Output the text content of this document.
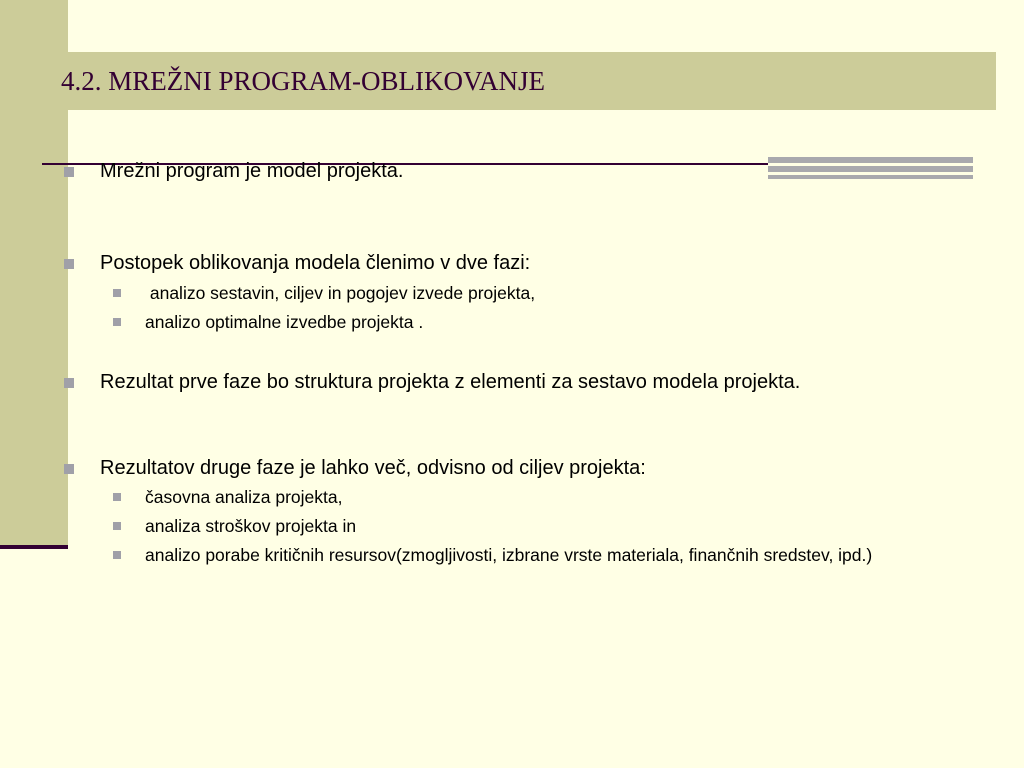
4.2. MREŽNI PROGRAM-OBLIKOVANJE
Mrežni program je model projekta.
Postopek oblikovanja modela členimo v dve fazi:
analizo sestavin, ciljev in pogojev izvede projekta,
analizo optimalne izvedbe projekta .
Rezultat prve faze bo struktura projekta z elementi za sestavo modela projekta.
Rezultatov druge faze je lahko več, odvisno od ciljev projekta:
časovna analiza projekta,
analiza stroškov projekta in
analizo porabe kritičnih resursov(zmogljivosti, izbrane vrste materiala, finančnih sredstev, ipd.)
